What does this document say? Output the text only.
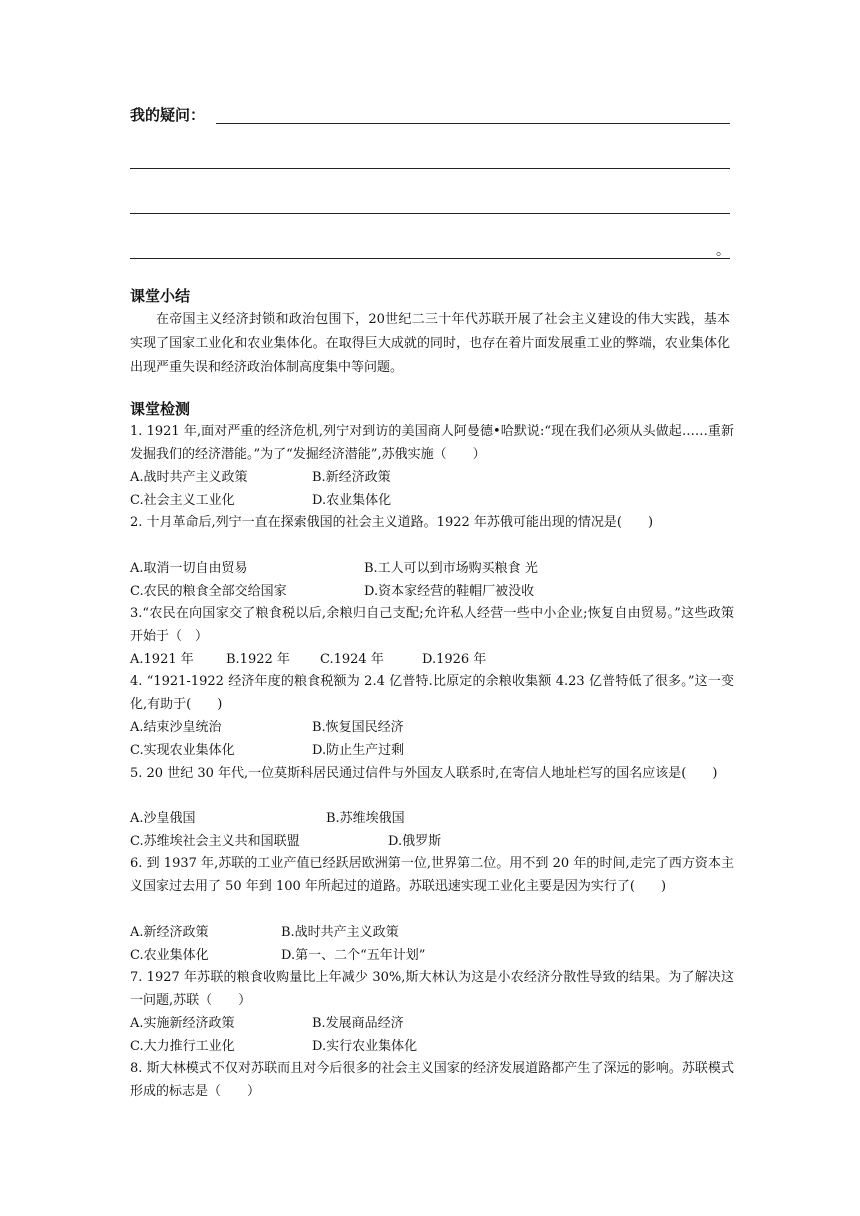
我的疑问：
。
课堂小结
在帝国主义经济封锁和政治包围下，20世纪二三十年代苏联开展了社会主义建设的伟大实践，基本实现了国家工业化和农业集体化。在取得巨大成就的同时，也存在着片面发展重工业的弊端，农业集体化出现严重失误和经济政治体制高度集中等问题。
课堂检测
1. 1921 年,面对严重的经济危机,列宁对到访的美国商人阿曼德•哈默说:“现在我们必须从头做起……重新发掘我们的经济潜能。”为了“发掘经济潜能”,苏俄实施（　　）
A.战时共产主义政策	B.新经济政策
C.社会主义工业化	D.农业集体化
2. 十月革命后,列宁一直在探索俄国的社会主义道路。1922 年苏俄可能出现的情况是(　　)
A.取消一切自由贸易	B.工人可以到市场购买粮食 光
C.农民的粮食全部交给国家	D.资本家经营的鞋帽厂被没收
3.“农民在向国家交了粮食税以后,余粮归自己支配;允许私人经营一些中小企业;恢复自由贸易。”这些政策开始于（　）
A.1921 年 B.1922 年 C.1924 年	D.1926 年
4. “1921-1922 经济年度的粮食税额为 2.4 亿普特.比原定的余粮收集额 4.23 亿普特低了很多。”这一变化,有助于(　　)
A.结束沙皇统治	B.恢复国民经济
C.实现农业集体化	D.防止生产过剩
5. 20 世纪 30 年代,一位莫斯科居民通过信件与外国友人联系时,在寄信人地址栏写的国名应该是(　　)
A.沙皇俄国	B.苏维埃俄国
C.苏维埃社会主义共和国联盟	D.俄罗斯
6. 到 1937 年,苏联的工业产值已经跃居欧洲第一位,世界第二位。用不到 20 年的时间,走完了西方资本主义国家过去用了 50 年到 100 年所起过的道路。苏联迅速实现工业化主要是因为实行了(　　)
A.新经济政策	B.战时共产主义政策
C.农业集体化	D.第一、二个“五年计划”
7. 1927 年苏联的粮食收购量比上年减少 30%,斯大林认为这是小农经济分散性导致的结果。为了解决这一问题,苏联（　　）
A.实施新经济政策	B.发展商品经济
C.大力推行工业化	D.实行农业集体化
8. 斯大林模式不仅对苏联而且对今后很多的社会主义国家的经济发展道路都产生了深远的影响。苏联模式形成的标志是（　　）
